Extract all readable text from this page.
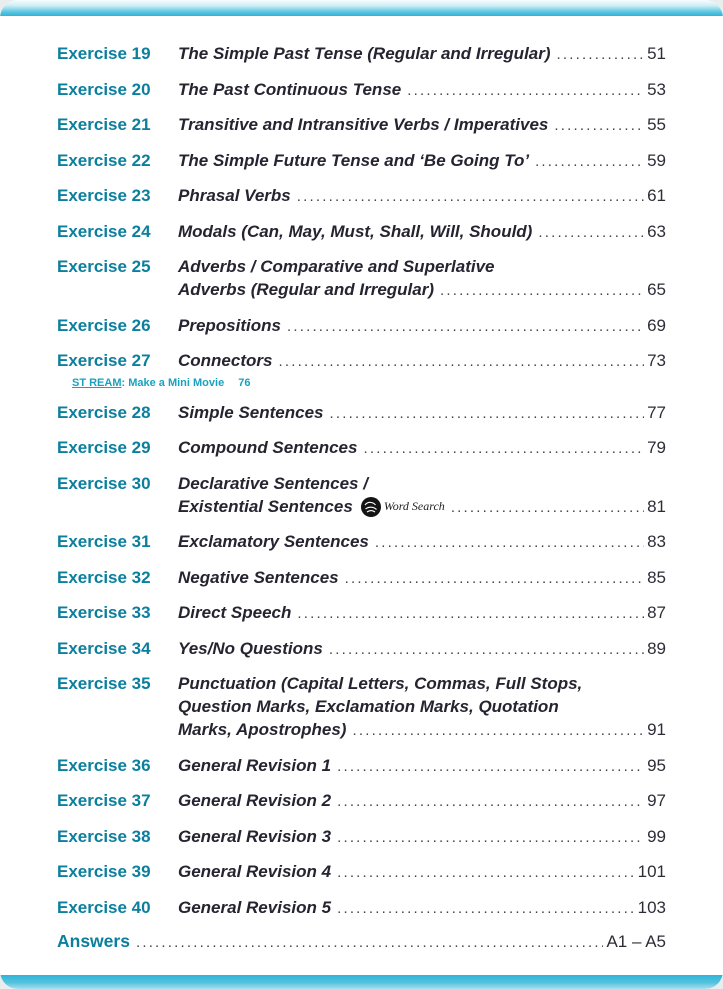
Exercise 19	The Simple Past Tense (Regular and Irregular) .....	51
Exercise 20	The Past Continuous Tense .....	53
Exercise 21	Transitive and Intransitive Verbs / Imperatives .....	55
Exercise 22	The Simple Future Tense and ‘Be Going To’ .....	59
Exercise 23	Phrasal Verbs .....	61
Exercise 24	Modals (Can, May, Must, Shall, Will, Should) .....	63
Exercise 25	Adverbs / Comparative and Superlative
Adverbs (Regular and Irregular) .....	65
Exercise 26	Prepositions .....	69
Exercise 27	Connectors .....	73
ST REAM: Make a Mini Movie 76
Exercise 28	Simple Sentences .....	77
Exercise 29	Compound Sentences .....	79
Exercise 30	Declarative Sentences /
Existential Sentences	Word Search .....	81
Exercise 31	Exclamatory Sentences .....	83
Exercise 32	Negative Sentences .....	85
Exercise 33	Direct Speech .....	87
Exercise 34	Yes/No Questions .....	89
Exercise 35	Punctuation (Capital Letters, Commas, Full Stops,
Question Marks, Exclamation Marks, Quotation
Marks, Apostrophes) .....	91
Exercise 36	General Revision 1 .....	95
Exercise 37	General Revision 2 .....	97
Exercise 38	General Revision 3 .....	99
Exercise 39	General Revision 4 .....	101
Exercise 40	General Revision 5 .....	103
Answers .....	A1 – A5
